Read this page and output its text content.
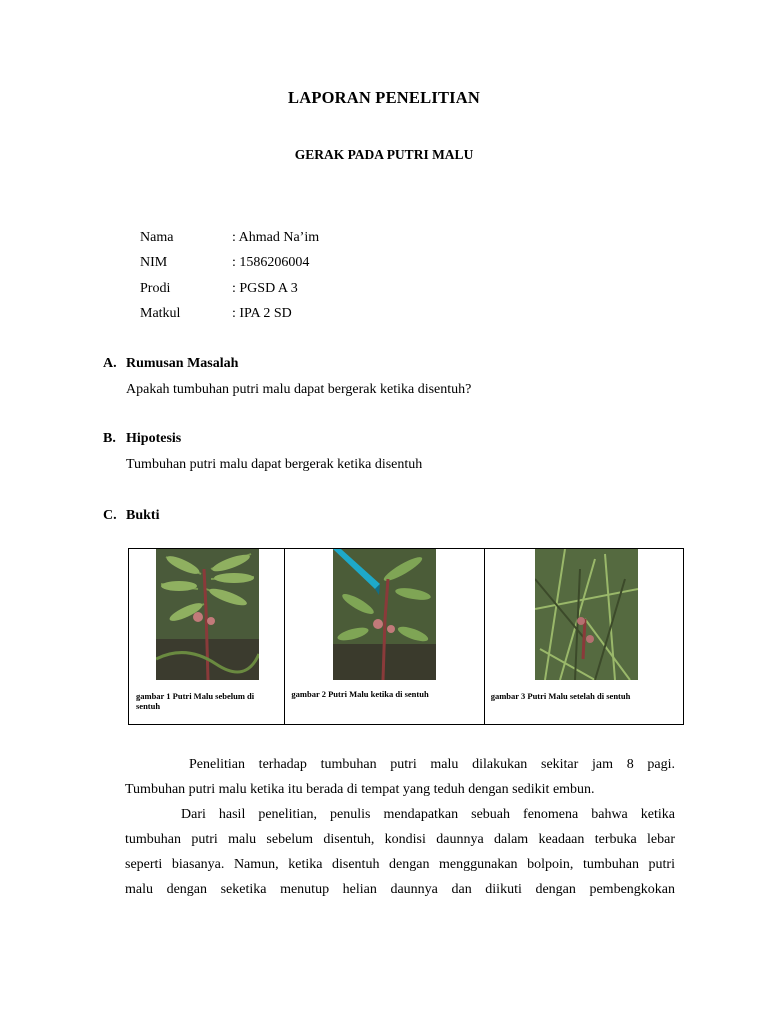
LAPORAN PENELITIAN
GERAK PADA PUTRI MALU
Nama	: Ahmad Na’im
NIM	: 1586206004
Prodi	: PGSD A 3
Matkul	: IPA 2 SD
A. Rumusan Masalah
Apakah tumbuhan putri malu dapat bergerak ketika disentuh?
B. Hipotesis
Tumbuhan putri malu dapat bergerak ketika disentuh
C. Bukti
gambar 1 Putri Malu sebelum di sentuh

gambar 2 Putri Malu ketika di sentuh	gambar 3 Putri Malu setelah di sentuh
Penelitian terhadap tumbuhan putri malu dilakukan sekitar jam 8 pagi.
Tumbuhan putri malu ketika itu berada di tempat yang teduh dengan sedikit embun.
Dari hasil penelitian, penulis mendapatkan sebuah fenomena bahwa ketika
tumbuhan putri malu sebelum disentuh, kondisi daunnya dalam keadaan terbuka lebar
seperti biasanya. Namun, ketika disentuh dengan menggunakan bolpoin, tumbuhan putri
malu dengan seketika menutup helian daunnya dan diikuti dengan pembengkokan
